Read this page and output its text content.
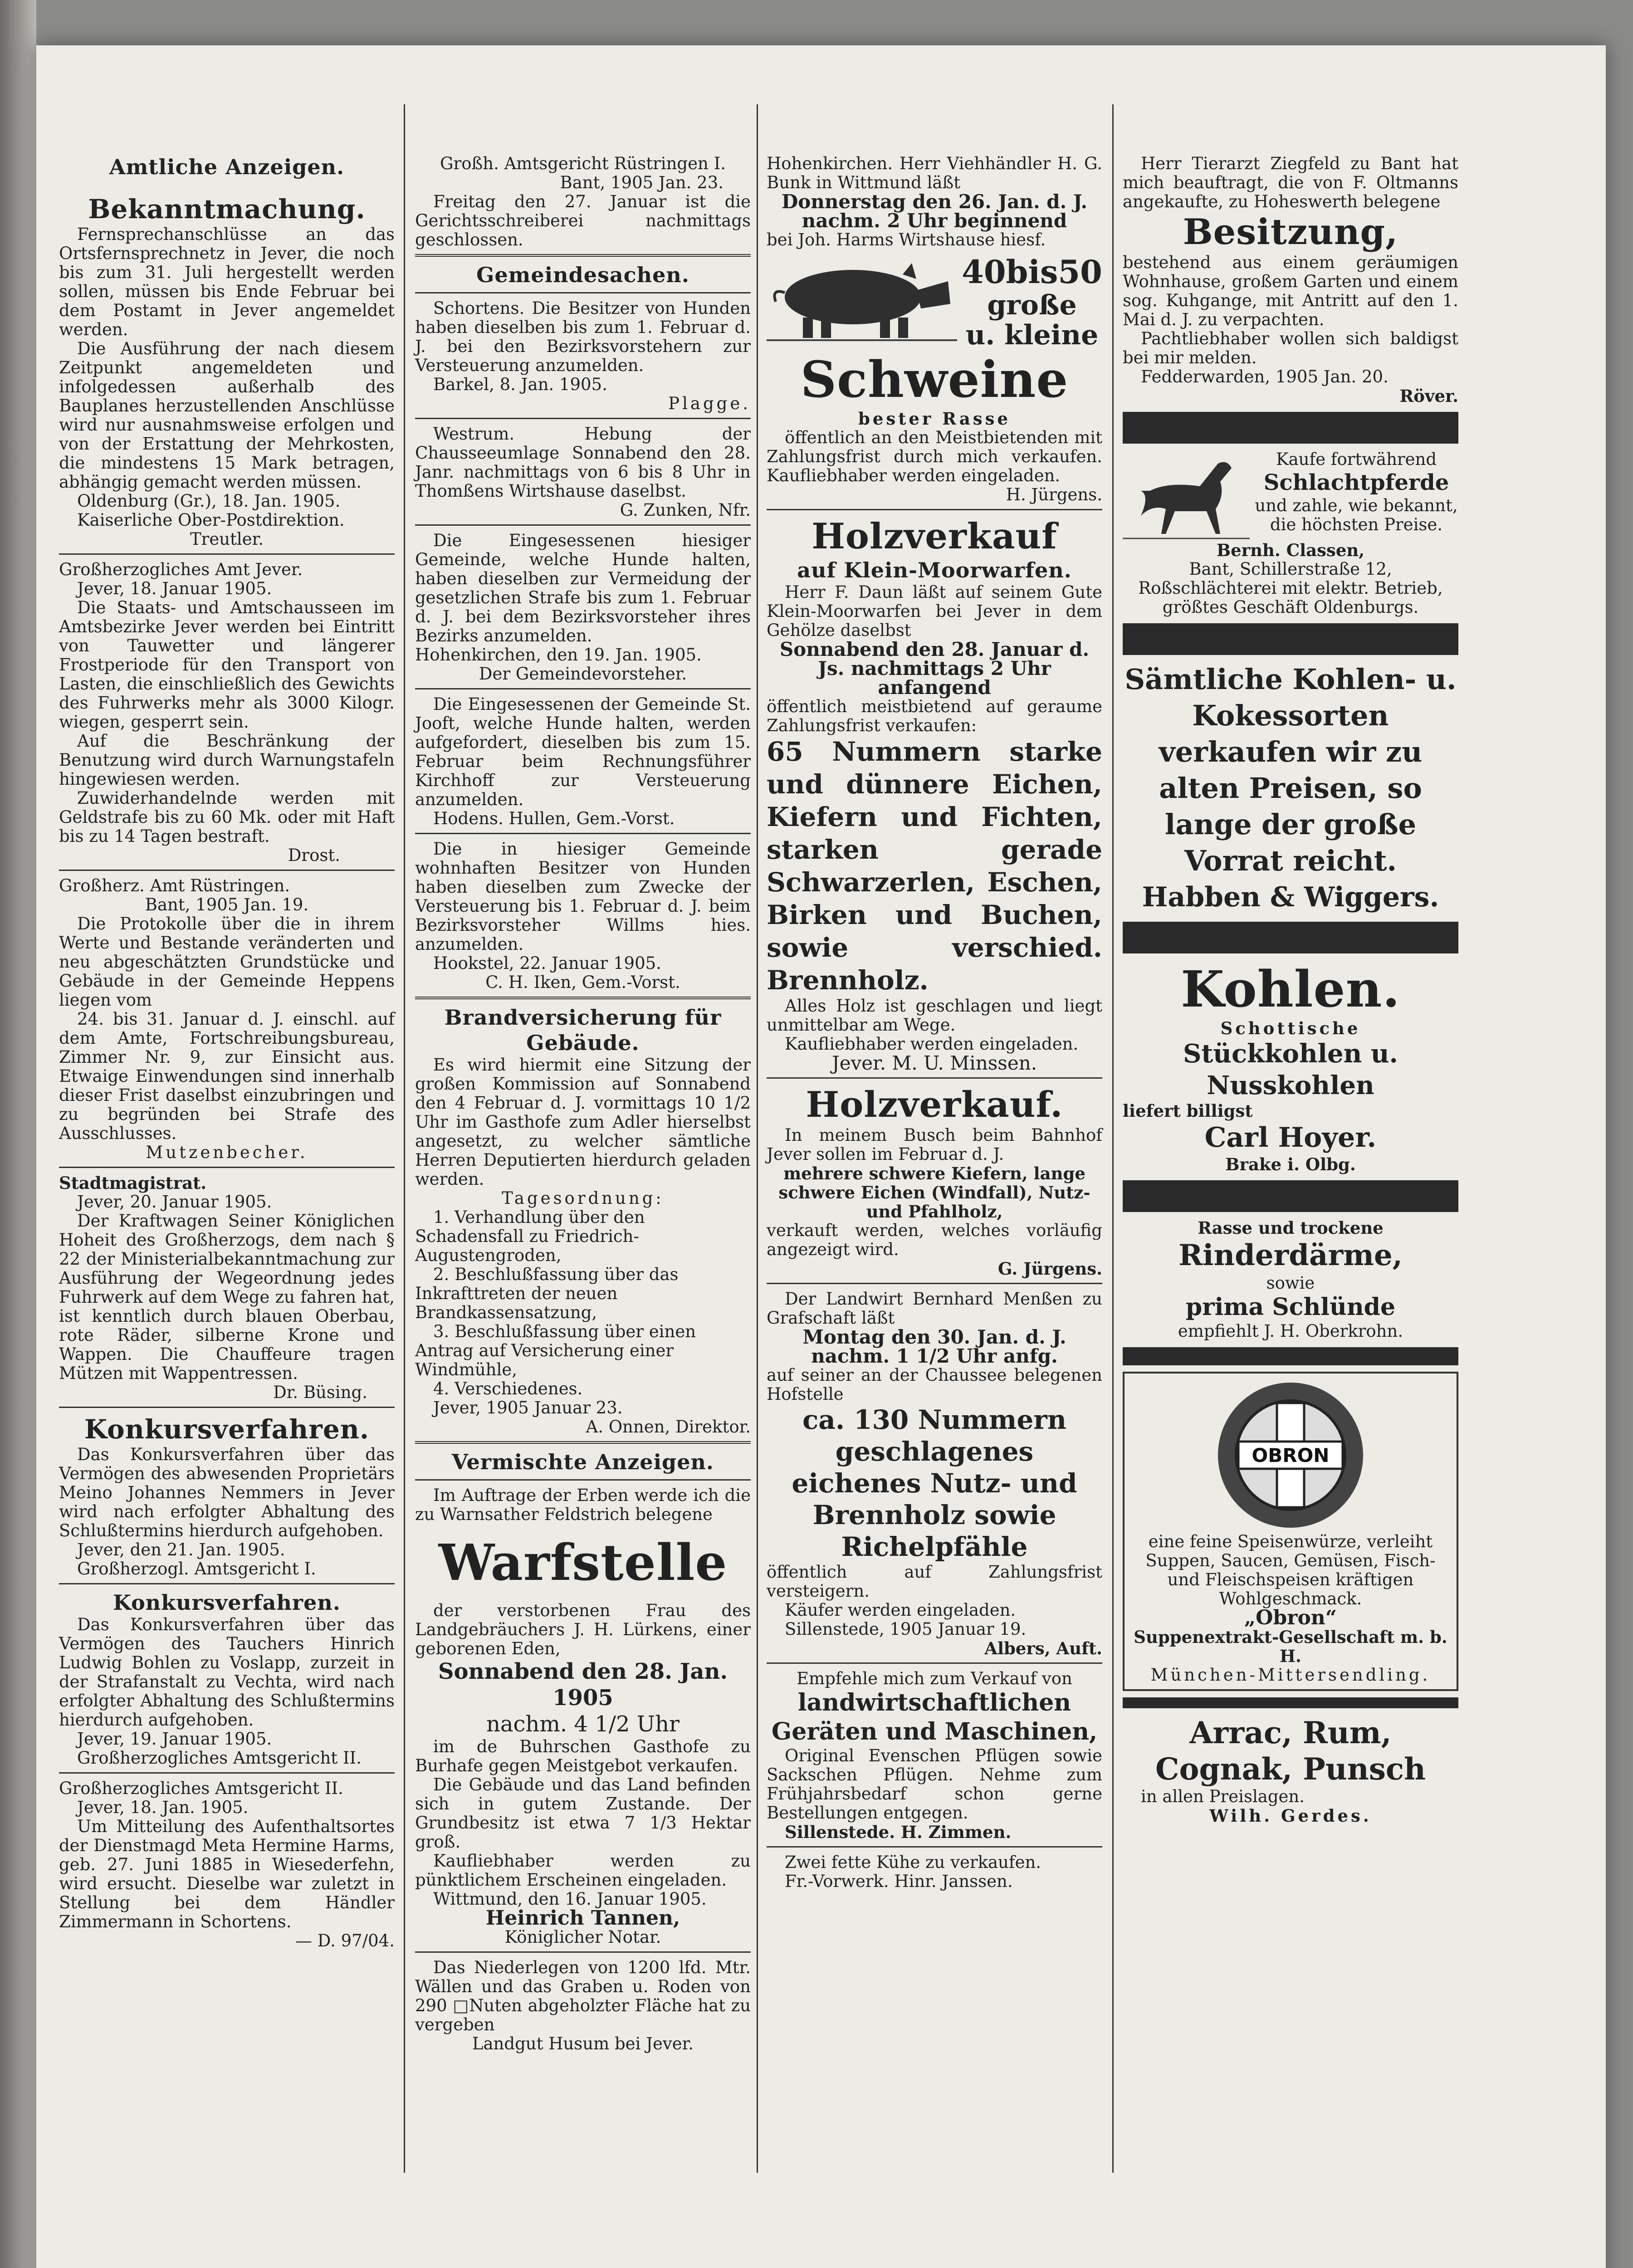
Amtliche Anzeigen.
Bekanntmachung.

Fernsprechanschlüsse an das Ortsfernsprechnetz in Jever, die noch bis zum 31. Juli hergestellt werden sollen, müssen bis Ende Februar bei dem Postamt in Jever angemeldet werden.

Die Ausführung der nach diesem Zeitpunkt angemeldeten und infolgedessen außerhalb des Bauplanes herzustellenden Anschlüsse wird nur ausnahmsweise erfolgen und von der Erstattung der Mehrkosten, die mindestens 15 Mark betragen, abhängig gemacht werden müssen.

Oldenburg (Gr.), 18. Jan. 1905.

Kaiserliche Ober-Postdirektion.

Treutler.

Großherzogliches Amt Jever.

Jever, 18. Januar 1905.

Die Staats- und Amtschausseen im Amtsbezirke Jever werden bei Eintritt von Tauwetter und längerer Frostperiode für den Transport von Lasten, die einschließlich des Gewichts des Fuhrwerks mehr als 3000 Kilogr. wiegen, gesperrt sein.

Auf die Beschränkung der Benutzung wird durch Warnungstafeln hingewiesen werden.

Zuwiderhandelnde werden mit Geldstrafe bis zu 60 Mk. oder mit Haft bis zu 14 Tagen bestraft.

Drost.

Großherz. Amt Rüstringen.

Bant, 1905 Jan. 19.

Die Protokolle über die in ihrem Werte und Bestande veränderten und neu abgeschätzten Grundstücke und Gebäude in der Gemeinde Heppens liegen vom

24. bis 31. Januar d. J. einschl. auf dem Amte, Fortschreibungsbureau, Zimmer Nr. 9, zur Einsicht aus. Etwaige Einwendungen sind innerhalb dieser Frist daselbst einzubringen und zu begründen bei Strafe des Ausschlusses.

Mutzenbecher.

Stadtmagistrat.

Jever, 20. Januar 1905.

Der Kraftwagen Seiner Königlichen Hoheit des Großherzogs, dem nach § 22 der Ministerialbekanntmachung zur Ausführung der Wegeordnung jedes Fuhrwerk auf dem Wege zu fahren hat, ist kenntlich durch blauen Oberbau, rote Räder, silberne Krone und Wappen. Die Chauffeure tragen Mützen mit Wappentressen.

Dr. Büsing.

Konkursverfahren.

Das Konkursverfahren über das Vermögen des abwesenden Proprietärs Meino Johannes Nemmers in Jever wird nach erfolgter Abhaltung des Schlußtermins hierdurch aufgehoben.

Jever, den 21. Jan. 1905.

Großherzogl. Amtsgericht I.

Konkursverfahren.

Das Konkursverfahren über das Vermögen des Tauchers Hinrich Ludwig Bohlen zu Voslapp, zurzeit in der Strafanstalt zu Vechta, wird nach erfolgter Abhaltung des Schlußtermins hierdurch aufgehoben.

Jever, 19. Januar 1905.

Großherzogliches Amtsgericht II.

Großherzogliches Amtsgericht II.

Jever, 18. Jan. 1905.

Um Mitteilung des Aufenthaltsortes der Dienstmagd Meta Hermine Harms, geb. 27. Juni 1885 in Wiesederfehn, wird ersucht. Dieselbe war zuletzt in Stellung bei dem Händler Zimmermann in Schortens.

— D. 97/04.

Großh. Amtsgericht Rüstringen I.

Bant, 1905 Jan. 23.

Freitag den 27. Januar ist die Gerichtsschreiberei nachmittags geschlossen.

Gemeindesachen.

Schortens. Die Besitzer von Hunden haben dieselben bis zum 1. Februar d. J. bei den Bezirksvorstehern zur Versteuerung anzumelden.

Barkel, 8. Jan. 1905.

Plagge.

Westrum. Hebung der Chausseeumlage Sonnabend den 28. Janr. nachmittags von 6 bis 8 Uhr in Thomßens Wirtshause daselbst.

G. Zunken, Nfr.

Die Eingesessenen hiesiger Gemeinde, welche Hunde halten, haben dieselben zur Vermeidung der gesetzlichen Strafe bis zum 1. Februar d. J. bei dem Bezirksvorsteher ihres Bezirks anzumelden.

Hohenkirchen, den 19. Jan. 1905.

Der Gemeindevorsteher.

Die Eingesessenen der Gemeinde St. Jooft, welche Hunde halten, werden aufgefordert, dieselben bis zum 15. Februar beim Rechnungsführer Kirchhoff zur Versteuerung anzumelden.

Hodens. Hullen, Gem.-Vorst.

Die in hiesiger Gemeinde wohnhaften Besitzer von Hunden haben dieselben zum Zwecke der Versteuerung bis 1. Februar d. J. beim Bezirksvorsteher Willms hies. anzumelden.

Hookstel, 22. Januar 1905.

C. H. Iken, Gem.-Vorst.

Brandversicherung für Gebäude.

Es wird hiermit eine Sitzung der großen Kommission auf Sonnabend den 4 Februar d. J. vormittags 10 1/2 Uhr im Gasthofe zum Adler hierselbst angesetzt, zu welcher sämtliche Herren Deputierten hierdurch geladen werden.

Tagesordnung:

1. Verhandlung über den Schadensfall zu Friedrich-Augustengroden,

2. Beschlußfassung über das Inkrafttreten der neuen Brandkassensatzung,

3. Beschlußfassung über einen Antrag auf Versicherung einer Windmühle,

4. Verschiedenes.

Jever, 1905 Januar 23.

A. Onnen, Direktor.

Vermischte Anzeigen.

Im Auftrage der Erben werde ich die zu Warnsather Feldstrich belegene

Warfstelle

der verstorbenen Frau des Landgebräuchers J. H. Lürkens, einer geborenen Eden,

Sonnabend den 28. Jan. 1905

nachm. 4 1/2 Uhr

im de Buhrschen Gasthofe zu Burhafe gegen Meistgebot verkaufen.

Die Gebäude und das Land befinden sich in gutem Zustande. Der Grundbesitz ist etwa 7 1/3 Hektar groß.

Kaufliebhaber werden zu pünktlichem Erscheinen eingeladen.

Wittmund, den 16. Januar 1905.

Heinrich Tannen,

Königlicher Notar.

Das Niederlegen von 1200 lfd. Mtr. Wällen und das Graben u. Roden von 290 □Nuten abgeholzter Fläche hat zu vergeben

Landgut Husum bei Jever.

Hohenkirchen. Herr Viehhändler H. G. Bunk in Wittmund läßt

Donnerstag den 26. Jan. d. J. nachm. 2 Uhr beginnend

bei Joh. Harms Wirtshause hiesf.

40bis50
große
u. kleine
Schweine

bester Rasse

öffentlich an den Meistbietenden mit Zahlungsfrist durch mich verkaufen. Kaufliebhaber werden eingeladen.

H. Jürgens.

Holzverkauf
auf Klein-Moorwarfen.

Herr F. Daun läßt auf seinem Gute Klein-Moorwarfen bei Jever in dem Gehölze daselbst

Sonnabend den 28. Januar d. Js. nachmittags 2 Uhr anfangend

öffentlich meistbietend auf geraume Zahlungsfrist verkaufen:

65 Nummern starke und dünnere Eichen, Kiefern und Fichten, starken gerade Schwarzerlen, Eschen, Birken und Buchen, sowie verschied. Brennholz.

Alles Holz ist geschlagen und liegt unmittelbar am Wege.

Kaufliebhaber werden eingeladen.

Jever. M. U. Minssen.

Holzverkauf.

In meinem Busch beim Bahnhof Jever sollen im Februar d. J.

mehrere schwere Kiefern, lange schwere Eichen (Windfall), Nutz- und Pfahlholz,

verkauft werden, welches vorläufig angezeigt wird.

G. Jürgens.

Der Landwirt Bernhard Menßen zu Grafschaft läßt

Montag den 30. Jan. d. J. nachm. 1 1/2 Uhr anfg.

auf seiner an der Chaussee belegenen Hofstelle

ca. 130 Nummern geschlagenes eichenes Nutz- und Brennholz sowie Richelpfähle

öffentlich auf Zahlungsfrist versteigern.

Käufer werden eingeladen.

Sillenstede, 1905 Januar 19.

Albers, Auft.

Empfehle mich zum Verkauf von

landwirtschaftlichen Geräten und Maschinen,

Original Evenschen Pflügen sowie Sackschen Pflügen. Nehme zum Frühjahrsbedarf schon gerne Bestellungen entgegen.

Sillenstede. H. Zimmen.

Zwei fette Kühe zu verkaufen.

Fr.-Vorwerk. Hinr. Janssen.

Herr Tierarzt Ziegfeld zu Bant hat mich beauftragt, die von F. Oltmanns angekaufte, zu Hoheswerth belegene

Besitzung,

bestehend aus einem geräumigen Wohnhause, großem Garten und einem sog. Kuhgange, mit Antritt auf den 1. Mai d. J. zu verpachten.

Pachtliebhaber wollen sich baldigst bei mir melden.

Fedderwarden, 1905 Jan. 20.

Röver.

Kaufe fortwährend

Schlachtpferde

und zahle, wie bekannt, die höchsten Preise.

Bernh. Classen,

Bant, Schillerstraße 12,

Roßschlächterei mit elektr. Betrieb, größtes Geschäft Oldenburgs.

Sämtliche Kohlen- u. Kokessorten verkaufen wir zu alten Preisen, so lange der große Vorrat reicht.

Habben & Wiggers.

Kohlen.

Schottische

Stückkohlen u. Nusskohlen

liefert billigst

Carl Hoyer.

Brake i. Olbg.

Rasse und trockene

Rinderdärme,

sowie

prima Schlünde

empfiehlt J. H. Oberkrohn.

OBRON

eine feine Speisenwürze, verleiht Suppen, Saucen, Gemüsen, Fisch- und Fleischspeisen kräftigen Wohlgeschmack.

„Obron“

Suppenextrakt-Gesellschaft m. b. H.

München-Mittersendling.

Arrac, Rum, Cognak, Punsch

in allen Preislagen.

Wilh. Gerdes.
